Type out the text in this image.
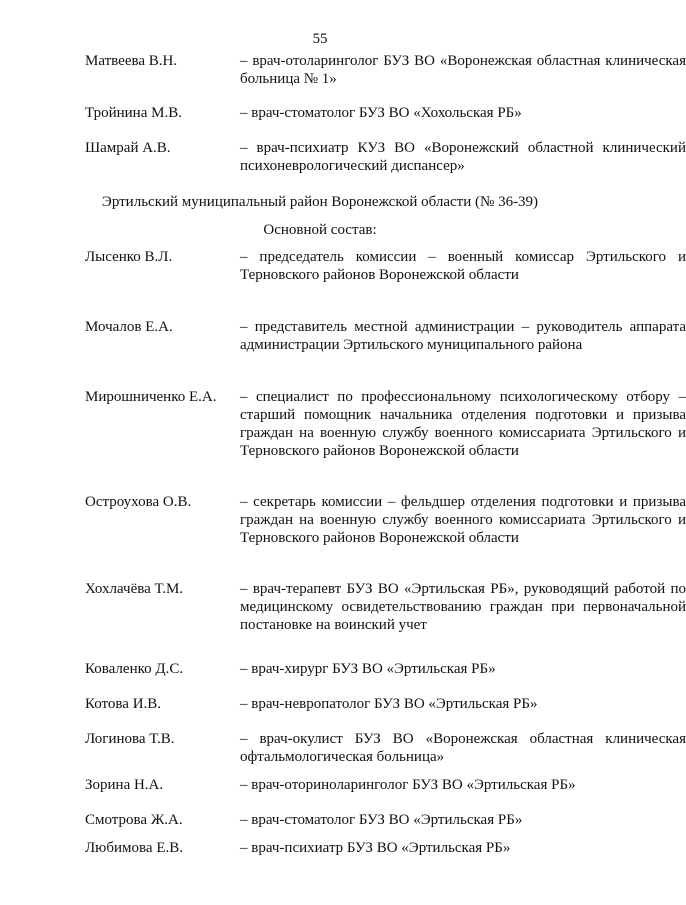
55
Матвеева В.Н.	– врач-отоларинголог БУЗ ВО «Воронежская областная клиническая больница № 1»
Тройнина М.В.	– врач-стоматолог БУЗ ВО «Хохольская РБ»
Шамрай А.В.	– врач-психиатр КУЗ ВО «Воронежский областной клинический психоневрологический диспансер»
Эртильский муниципальный район Воронежской области (№ 36-39)
Основной состав:
Лысенко В.Л.	– председатель комиссии – военный комиссар Эртильского и Терновского районов Воронежской области
Мочалов Е.А.	– представитель местной администрации – руководитель аппарата администрации Эртильского муниципального района
Мирошниченко Е.А.	– специалист по профессиональному психологическому отбору – старший помощник начальника отделения подготовки и призыва граждан на военную службу военного комиссариата Эртильского и Терновского районов Воронежской области
Остроухова О.В.	– секретарь комиссии – фельдшер отделения подготовки и призыва граждан на военную службу военного комиссариата Эртильского и Терновского районов Воронежской области
Хохлачёва Т.М.	– врач-терапевт БУЗ ВО «Эртильская РБ», руководящий работой по медицинскому освидетельствованию граждан при первоначальной постановке на воинский учет
Коваленко Д.С.	– врач-хирург БУЗ ВО «Эртильская РБ»
Котова И.В.	– врач-невропатолог БУЗ ВО «Эртильская РБ»
Логинова Т.В.	– врач-окулист БУЗ ВО «Воронежская областная клиническая офтальмологическая больница»
Зорина Н.А.	– врач-оториноларинголог БУЗ ВО «Эртильская РБ»
Смотрова Ж.А.	– врач-стоматолог БУЗ ВО «Эртильская РБ»
Любимова Е.В.	– врач-психиатр БУЗ ВО «Эртильская РБ»
